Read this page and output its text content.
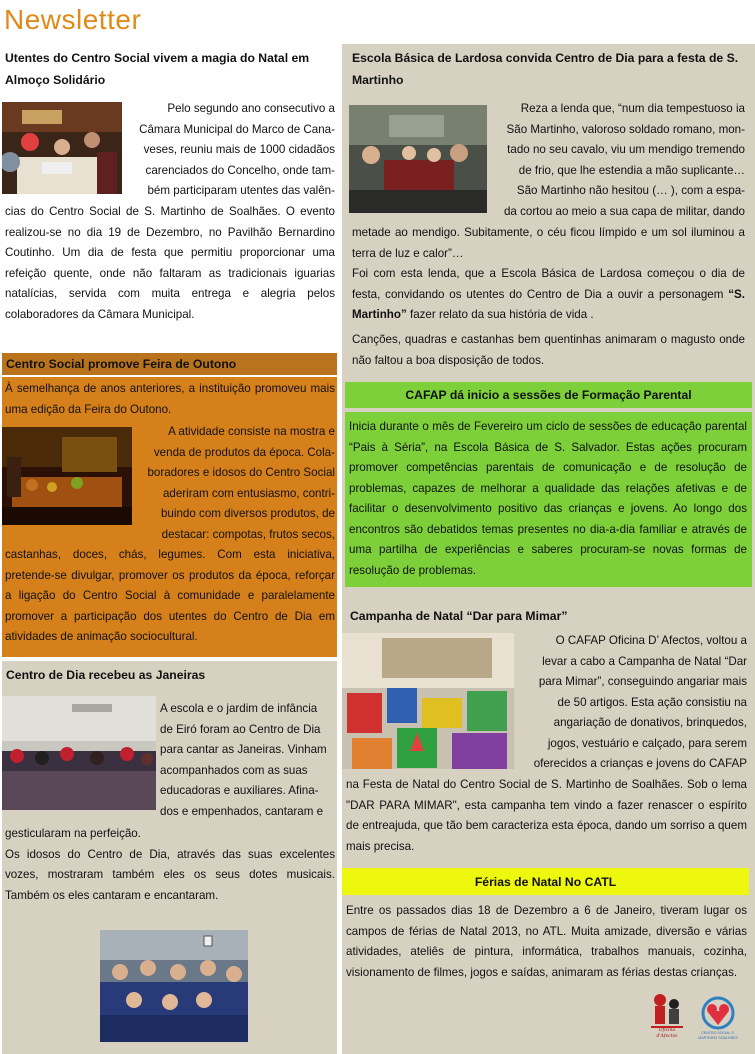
Newsletter
Utentes do Centro Social vivem a magia do Natal em Almoço Solidário

Pelo segundo ano consecutivo a

Câmara Municipal do Marco de Cana-

veses, reuniu mais de 1000 cidadãos

carenciados do Concelho, onde tam-

bém participaram utentes das valên-

cias do Centro Social de S. Martinho de Soalhães. O evento realizou-se no dia 19 de Dezembro, no Pavilhão Bernardino Coutinho. Um dia de festa que permitiu proporcionar uma refeição quente, onde não faltaram as tradicionais iguarias natalícias, servida com muita entrega e alegria pelos colaboradores da Câmara Municipal.

Centro Social promove Feira de Outono

À semelhança de anos anteriores, a instituição promoveu mais uma edição da Feira do Outono.

A atividade consiste na mostra e

venda de produtos da época. Cola-

boradores e idosos do Centro Social

aderiram com entusiasmo, contri-

buindo com diversos produtos, de

destacar: compotas, frutos secos,

castanhas, doces, chás, legumes. Com esta iniciativa, pretende-se divulgar, promover os produtos da época, reforçar a ligação do Centro Social à comunidade e paralelamente promover a participação dos utentes do Centro de Dia em atividades de animação sociocultural.

Centro de Dia recebeu as Janeiras

A escola e o jardim de infância

de Eiró foram ao Centro de Dia

para cantar as Janeiras. Vinham

acompanhados com as suas

educadoras e auxiliares. Afina-

dos e empenhados, cantaram e

gesticularam na perfeição.
Os idosos do Centro de Dia, através das suas excelentes vozes, mostraram também eles os seus dotes musicais. Também os eles cantaram e encantaram.

Escola Básica de Lardosa convida Centro de Dia para a festa de S. Martinho

Reza a lenda que, “num dia tempestuoso ia

São Martinho, valoroso soldado romano, mon-

tado no seu cavalo, viu um mendigo tremendo

de frio, que lhe estendia a mão suplicante…

São Martinho não hesitou (… ), com a espa-

da cortou ao meio a sua capa de militar, dando

metade ao mendigo. Subitamente, o céu ficou límpido e um sol iluminou a terra de luz e calor”…

Foi com esta lenda, que a Escola Básica de Lardosa começou o dia de festa, convidando os utentes do Centro de Dia a ouvir a personagem “S. Martinho” fazer relato da sua história de vida .

Canções, quadras e castanhas bem quentinhas animaram o magusto onde não faltou a boa disposição de todos.

CAFAP dá inicio a sessões de Formação Parental

Inicia durante o mês de Fevereiro um ciclo de sessões de educação parental “Pais à Séria”, na Escola Básica de S. Salvador. Estas ações procuram promover competências parentais de comunicação e de resolução de problemas, capazes de melhorar a qualidade das relações afetivas e de facilitar o desenvolvimento positivo das crianças e jovens. Ao longo dos encontros são debatidos temas presentes no dia-a-dia familiar e através de uma partilha de experiências e saberes procuram-se novas formas de resolução de problemas.

Campanha de Natal “Dar para Mimar”

O CAFAP Oficina D’ Afectos, voltou a

levar a cabo a Campanha de Natal “Dar

para Mimar”, conseguindo angariar mais

de 50 artigos. Esta ação consistiu na

angariação de donativos, brinquedos,

jogos, vestuário e calçado, para serem

oferecidos a crianças e jovens do CAFAP

na Festa de Natal do Centro Social de S. Martinho de Soalhães. Sob o lema "DAR PARA MIMAR", esta campanha tem vindo a fazer renascer o espírito de entreajuda, que tão bem caracteriza esta época, dando um sorriso a quem mais precisa.

Férias de Natal No CATL

Entre os passados dias 18 de Dezembro a 6 de Janeiro, tiveram lugar os campos de férias de Natal 2013, no ATL. Muita amizade, diversão e várias atividades, ateliês de pintura, informática, trabalhos manuais, cozinha, visionamento de filmes, jogos e saídas, animaram as férias destas crianças.

Oficina d'Afectos
CENTRO SOCIAL S. MARTINHO SOALHÃES
